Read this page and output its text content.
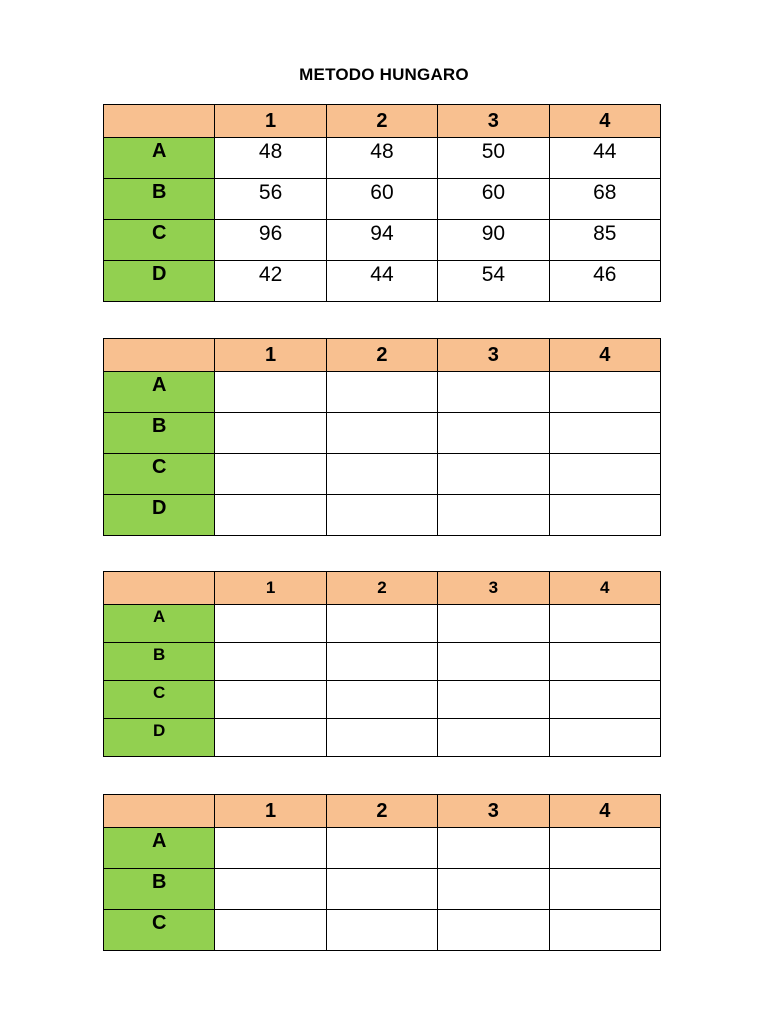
METODO HUNGARO
	1	2	3	4
A	48	48	50	44
B	56	60	60	68
C	96	94	90	85
D	42	44	54	46
	1	2	3	4
A				
B				
C				
D				
	1	2	3	4
A				
B				
C				
D				
	1	2	3	4
A				
B				
C				
